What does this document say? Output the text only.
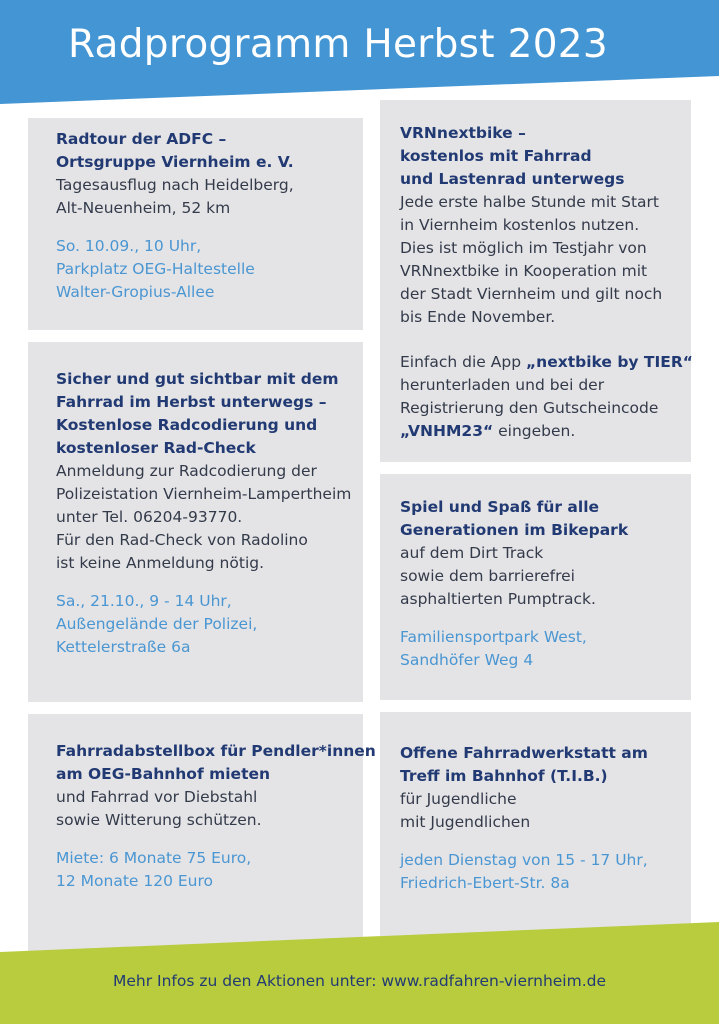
Radprogramm Herbst 2023
Radtour der ADFC –
Ortsgruppe Viernheim e. V.
Tagesausflug nach Heidelberg,
Alt-Neuenheim, 52 km
So. 10.09., 10 Uhr,
Parkplatz OEG-Haltestelle
Walter-Gropius-Allee
Sicher und gut sichtbar mit dem
Fahrrad im Herbst unterwegs –
Kostenlose Radcodierung und
kostenloser Rad-Check
Anmeldung zur Radcodierung der
Polizeistation Viernheim-Lampertheim
unter Tel. 06204-93770.
Für den Rad-Check von Radolino
ist keine Anmeldung nötig.
Sa., 21.10., 9 - 14 Uhr,
Außengelände der Polizei,
Kettelerstraße 6a
Fahrradabstellbox für Pendler*innen
am OEG-Bahnhof mieten
und Fahrrad vor Diebstahl
sowie Witterung schützen.
Miete: 6 Monate 75 Euro,
12 Monate 120 Euro
VRNnextbike –
kostenlos mit Fahrrad
und Lastenrad unterwegs
Jede erste halbe Stunde mit Start
in Viernheim kostenlos nutzen.
Dies ist möglich im Testjahr von
VRNnextbike in Kooperation mit
der Stadt Viernheim und gilt noch
bis Ende November.
Einfach die App „nextbike by TIER“
herunterladen und bei der
Registrierung den Gutscheincode
„VNHM23“ eingeben.
Spiel und Spaß für alle
Generationen im Bikepark
auf dem Dirt Track
sowie dem barrierefrei
asphaltierten Pumptrack.
Familiensportpark West,
Sandhöfer Weg 4
Offene Fahrradwerkstatt am
Treff im Bahnhof (T.I.B.)
für Jugendliche
mit Jugendlichen
jeden Dienstag von 15 - 17 Uhr,
Friedrich-Ebert-Str. 8a
Mehr Infos zu den Aktionen unter: www.radfahren-viernheim.de
